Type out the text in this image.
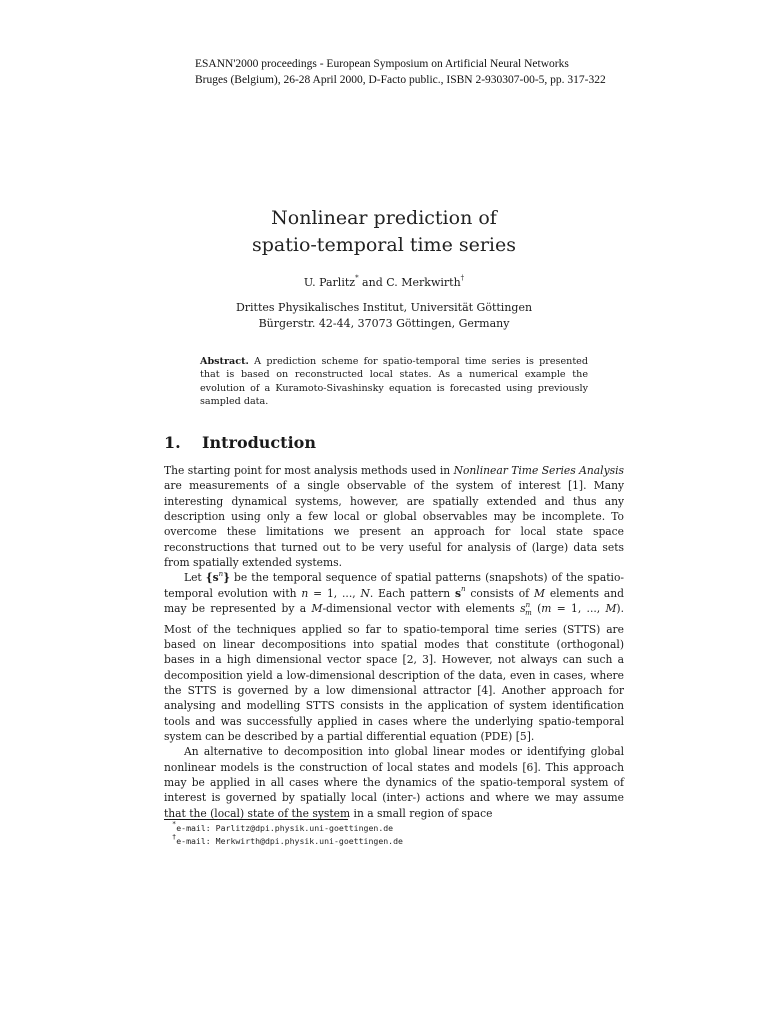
ESANN'2000 proceedings - European Symposium on Artificial Neural Networks
Bruges (Belgium), 26-28 April 2000, D-Facto public., ISBN 2-930307-00-5, pp. 317-322
Nonlinear prediction of
spatio-temporal time series
U. Parlitz* and C. Merkwirth†
Drittes Physikalisches Institut, Universität Göttingen
Bürgerstr. 42-44, 37073 Göttingen, Germany
Abstract. A prediction scheme for spatio-temporal time series is presented that is based on reconstructed local states. As a numerical example the evolution of a Kuramoto-Sivashinsky equation is forecasted using previously sampled data.
1. Introduction

The starting point for most analysis methods used in Nonlinear Time Series Analysis are measurements of a single observable of the system of interest [1]. Many interesting dynamical systems, however, are spatially extended and thus any description using only a few local or global observables may be incomplete. To overcome these limitations we present an approach for local state space reconstructions that turned out to be very useful for analysis of (large) data sets from spatially extended systems.

Let $\{s^n\}$ be the temporal sequence of spatial patterns (snapshots) of the spatio-temporal evolution with n = 1, ..., N. Each pattern $s^n$ consists of M elements and may be represented by a M-dimensional vector with elements $s^n_m$ (m = 1, ..., M). Most of the techniques applied so far to spatio-temporal time series (STTS) are based on linear decompositions into spatial modes that constitute (orthogonal) bases in a high dimensional vector space [2, 3]. However, not always can such a decomposition yield a low-dimensional description of the data, even in cases, where the STTS is governed by a low dimensional attractor [4]. Another approach for analysing and modelling STTS consists in the application of system identification tools and was successfully applied in cases where the underlying spatio-temporal system can be described by a partial differential equation (PDE) [5].

An alternative to decomposition into global linear modes or identifying global nonlinear models is the construction of local states and models [6]. This approach may be applied in all cases where the dynamics of the spatio-temporal system of interest is governed by spatially local (inter-) actions and where we may assume that the (local) state of the system in a small region of space

*e-mail: Parlitz@dpi.physik.uni-goettingen.de
†e-mail: Merkwirth@dpi.physik.uni-goettingen.de
